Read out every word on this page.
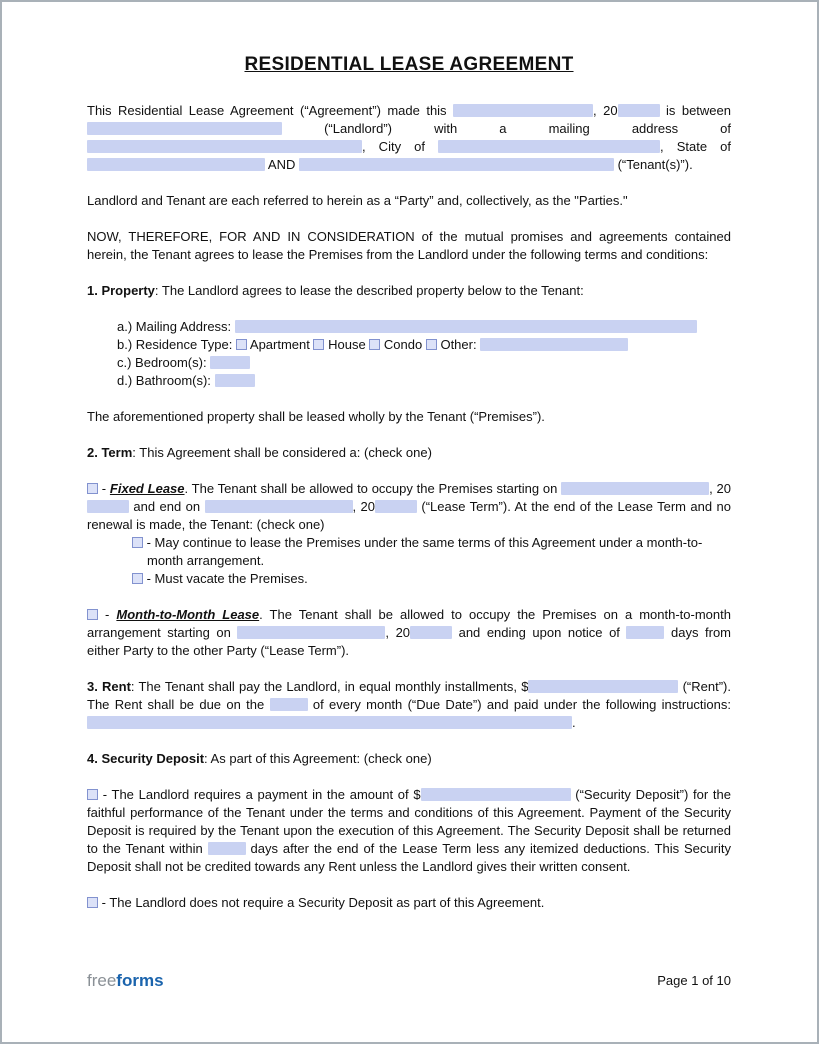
RESIDENTIAL LEASE AGREEMENT
This Residential Lease Agreement (“Agreement”) made this	, 20	is between  (“Landlord”) with a mailing address of , City of	, State of  AND	(“Tenant(s)”).
Landlord and Tenant are each referred to herein as a “Party” and, collectively, as the "Parties."
NOW, THEREFORE, FOR AND IN CONSIDERATION of the mutual promises and agreements contained herein, the Tenant agrees to lease the Premises from the Landlord under the following terms and conditions:
1. Property: The Landlord agrees to lease the described property below to the Tenant:
a.) Mailing Address:
b.) Residence Type:  Apartment  House  Condo  Other:
c.) Bedroom(s):
d.) Bathroom(s):
The aforementioned property shall be leased wholly by the Tenant (“Premises”).
2. Term: This Agreement shall be considered a: (check one)
- Fixed Lease. The Tenant shall be allowed to occupy the Premises starting on	, 20 and end on	, 20	(“Lease Term”). At the end of the Lease Term and no renewal is made, the Tenant: (check one)
- May continue to lease the Premises under the same terms of this Agreement under a month-to-month arrangement.
- Must vacate the Premises.
- Month-to-Month Lease. The Tenant shall be allowed to occupy the Premises on a month-to-month arrangement starting on	, 20	and ending upon notice of	days from either Party to the other Party (“Lease Term”).
3. Rent: The Tenant shall pay the Landlord, in equal monthly installments, $	(“Rent”). The Rent shall be due on the	of every month (“Due Date”) and paid under the following instructions: .
4. Security Deposit: As part of this Agreement: (check one)
- The Landlord requires a payment in the amount of $	(“Security Deposit”) for the faithful performance of the Tenant under the terms and conditions of this Agreement. Payment of the Security Deposit is required by the Tenant upon the execution of this Agreement. The Security Deposit shall be returned to the Tenant within	days after the end of the Lease Term less any itemized deductions. This Security Deposit shall not be credited towards any Rent unless the Landlord gives their written consent.
- The Landlord does not require a Security Deposit as part of this Agreement.
freeforms	Page 1 of 10
